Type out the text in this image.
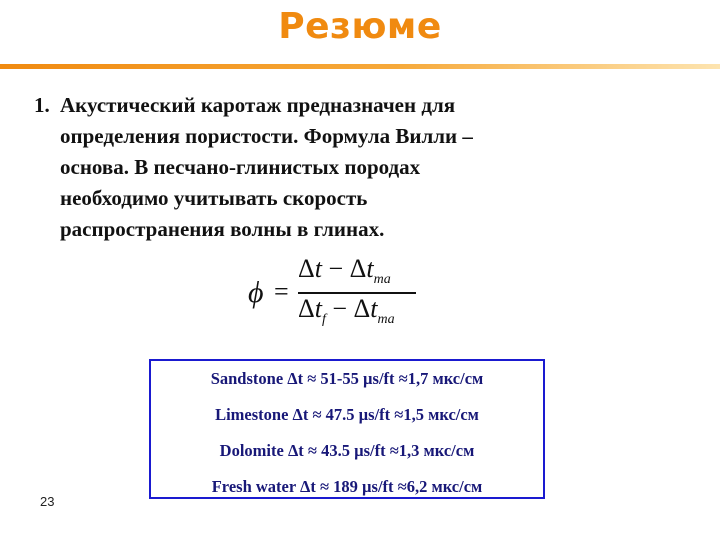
Резюме
1. Акустический каротаж предназначен для
определения пористости. Формула Вилли –
основа. В песчано-глинистых породах
необходимо учитывать скорость
распространения волны в глинах.
ϕ =
$\Delta t - \Delta t_{ma}$
$\Delta t_f - \Delta t_{ma}$
Sandstone Δt ≈ 51-55 µs/ft ≈1,7 мкс/см
Limestone Δt ≈ 47.5 µs/ft ≈1,5 мкс/см
Dolomite Δt ≈ 43.5 µs/ft ≈1,3 мкс/см
Fresh water Δt ≈ 189 µs/ft ≈6,2 мкс/см
23
